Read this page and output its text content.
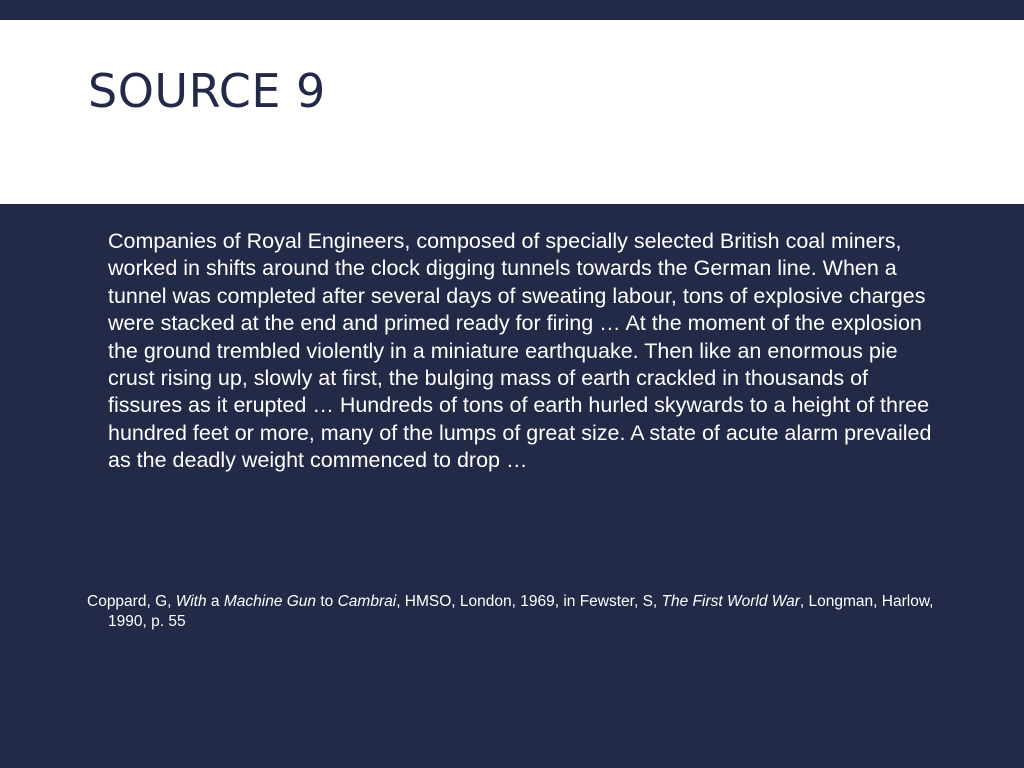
SOURCE 9

Companies of Royal Engineers, composed of specially selected British coal miners, worked in shifts around the clock digging tunnels towards the German line. When a tunnel was completed after several days of sweating labour, tons of explosive charges were stacked at the end and primed ready for firing … At the moment of the explosion the ground trembled violently in a miniature earthquake. Then like an enormous pie crust rising up, slowly at first, the bulging mass of earth crackled in thousands of fissures as it erupted … Hundreds of tons of earth hurled skywards to a height of three hundred feet or more, many of the lumps of great size. A state of acute alarm prevailed as the deadly weight commenced to drop …

Coppard, G, With a Machine Gun to Cambrai, HMSO, London, 1969, in Fewster, S, The First World War, Longman, Harlow, 1990, p. 55
